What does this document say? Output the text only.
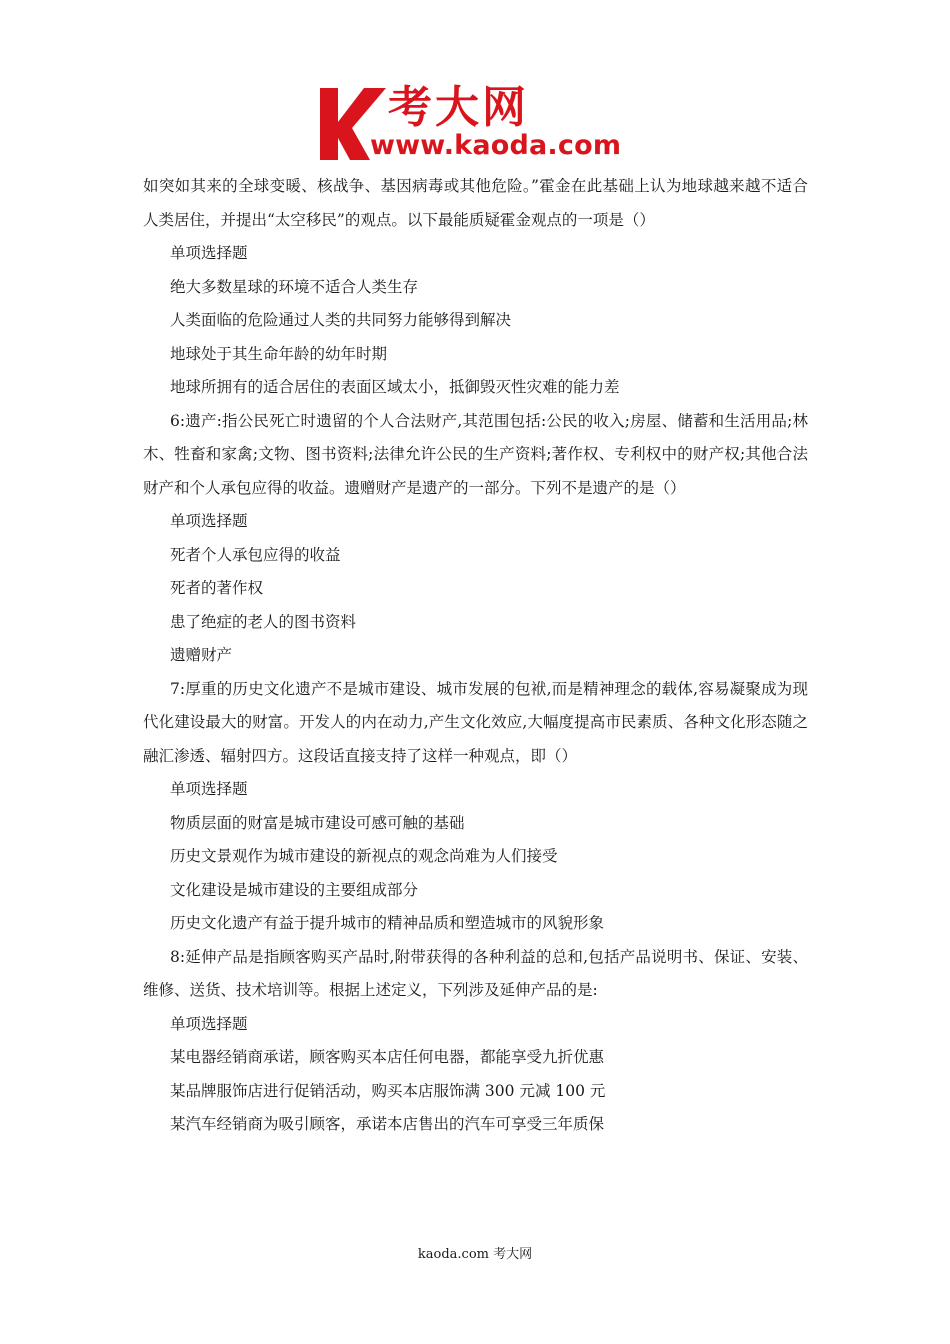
考大网
www.kaoda.com

如突如其来的全球变暖、核战争、基因病毒或其他危险。”霍金在此基础上认为地球越来越不适合人类居住，并提出“太空移民”的观点。以下最能质疑霍金观点的一项是（）

单项选择题

绝大多数星球的环境不适合人类生存

人类面临的危险通过人类的共同努力能够得到解决

地球处于其生命年龄的幼年时期

地球所拥有的适合居住的表面区域太小，抵御毁灭性灾难的能力差

6:遗产:指公民死亡时遗留的个人合法财产,其范围包括:公民的收入;房屋、储蓄和生活用品;林木、牲畜和家禽;文物、图书资料;法律允许公民的生产资料;著作权、专利权中的财产权;其他合法财产和个人承包应得的收益。遗赠财产是遗产的一部分。下列不是遗产的是（）

单项选择题

死者个人承包应得的收益

死者的著作权

患了绝症的老人的图书资料

遗赠财产

7:厚重的历史文化遗产不是城市建设、城市发展的包袱,而是精神理念的载体,容易凝聚成为现代化建设最大的财富。开发人的内在动力,产生文化效应,大幅度提高市民素质、各种文化形态随之融汇渗透、辐射四方。这段话直接支持了这样一种观点，即（）

单项选择题

物质层面的财富是城市建设可感可触的基础

历史文景观作为城市建设的新视点的观念尚难为人们接受

文化建设是城市建设的主要组成部分

历史文化遗产有益于提升城市的精神品质和塑造城市的风貌形象

8:延伸产品是指顾客购买产品时,附带获得的各种利益的总和,包括产品说明书、保证、安装、维修、送货、技术培训等。根据上述定义，下列涉及延伸产品的是:

单项选择题

某电器经销商承诺，顾客购买本店任何电器，都能享受九折优惠

某品牌服饰店进行促销活动，购买本店服饰满 300 元减 100 元

某汽车经销商为吸引顾客，承诺本店售出的汽车可享受三年质保

kaoda.com 考大网
